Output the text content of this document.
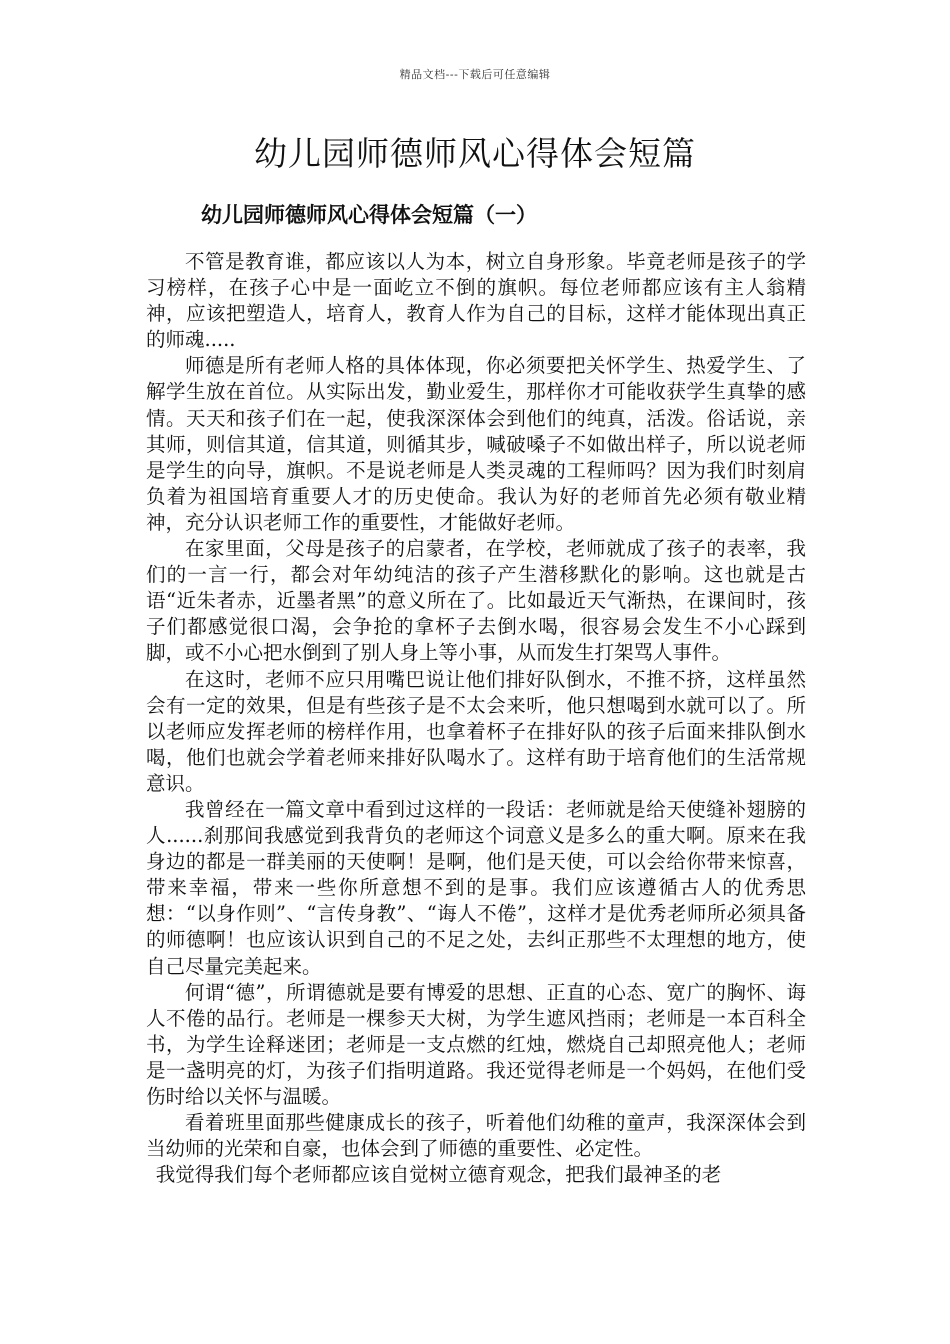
精品文档---下载后可任意编辑
幼儿园师德师风心得体会短篇
幼儿园师德师风心得体会短篇（一）

不管是教育谁，都应该以人为本，树立自身形象。毕竟老师是孩子的学习榜样，在孩子心中是一面屹立不倒的旗帜。每位老师都应该有主人翁精神，应该把塑造人，培育人，教育人作为自己的目标，这样才能体现出真正的师魂.....

师德是所有老师人格的具体体现，你必须要把关怀学生、热爱学生、了解学生放在首位。从实际出发，勤业爱生，那样你才可能收获学生真挚的感情。天天和孩子们在一起，使我深深体会到他们的纯真，活泼。俗话说，亲其师，则信其道，信其道，则循其步，喊破嗓子不如做出样子，所以说老师是学生的向导，旗帜。不是说老师是人类灵魂的工程师吗？因为我们时刻肩负着为祖国培育重要人才的历史使命。我认为好的老师首先必须有敬业精神，充分认识老师工作的重要性，才能做好老师。

在家里面，父母是孩子的启蒙者，在学校，老师就成了孩子的表率，我们的一言一行，都会对年幼纯洁的孩子产生潜移默化的影响。这也就是古语“近朱者赤，近墨者黑”的意义所在了。比如最近天气渐热，在课间时，孩子们都感觉很口渴，会争抢的拿杯子去倒水喝，很容易会发生不小心踩到脚，或不小心把水倒到了别人身上等小事，从而发生打架骂人事件。

在这时，老师不应只用嘴巴说让他们排好队倒水，不推不挤，这样虽然会有一定的效果，但是有些孩子是不太会来听，他只想喝到水就可以了。所以老师应发挥老师的榜样作用，也拿着杯子在排好队的孩子后面来排队倒水喝，他们也就会学着老师来排好队喝水了。这样有助于培育他们的生活常规意识。

我曾经在一篇文章中看到过这样的一段话：老师就是给天使缝补翅膀的人......刹那间我感觉到我背负的老师这个词意义是多么的重大啊。原来在我身边的都是一群美丽的天使啊！是啊，他们是天使，可以会给你带来惊喜，带来幸福，带来一些你所意想不到的是事。我们应该遵循古人的优秀思想：“以身作则”、“言传身教”、“诲人不倦”，这样才是优秀老师所必须具备的师德啊！也应该认识到自己的不足之处，去纠正那些不太理想的地方，使自己尽量完美起来。

何谓“德”，所谓德就是要有博爱的思想、正直的心态、宽广的胸怀、诲人不倦的品行。老师是一棵参天大树，为学生遮风挡雨；老师是一本百科全书，为学生诠释迷团；老师是一支点燃的红烛，燃烧自己却照亮他人；老师是一盏明亮的灯，为孩子们指明道路。我还觉得老师是一个妈妈，在他们受伤时给以关怀与温暖。

看着班里面那些健康成长的孩子，听着他们幼稚的童声，我深深体会到当幼师的光荣和自豪，也体会到了师德的重要性、必定性。

我觉得我们每个老师都应该自觉树立德育观念，把我们最神圣的老
